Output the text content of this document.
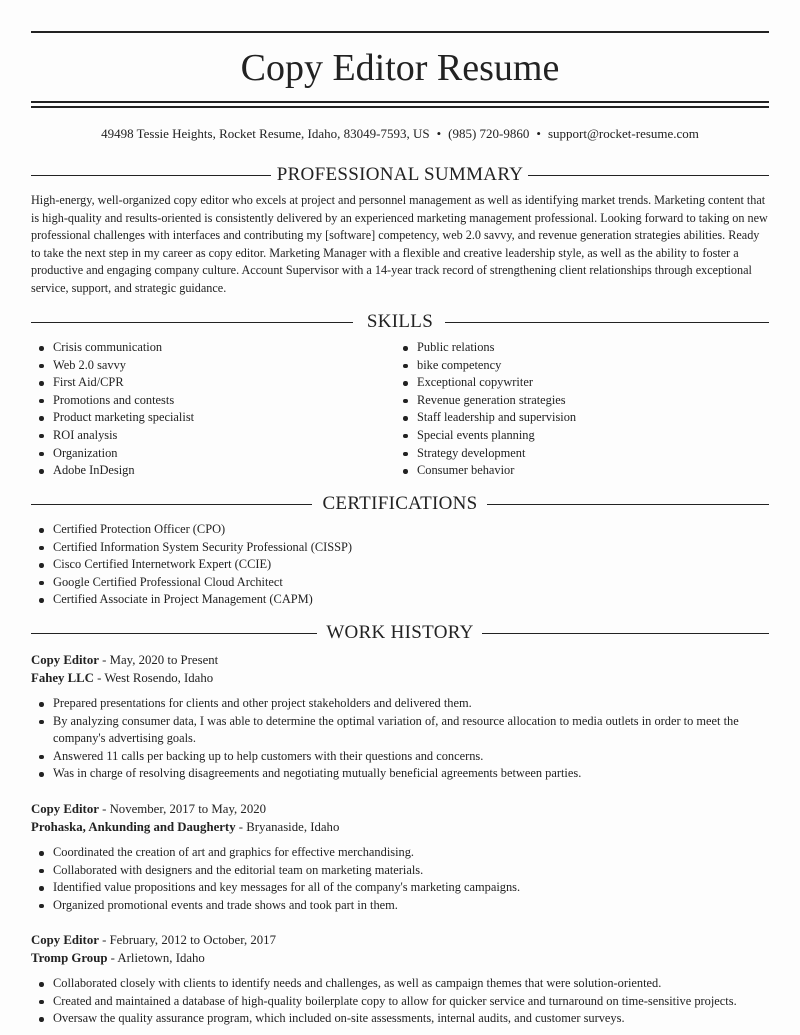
Copy Editor Resume
49498 Tessie Heights, Rocket Resume, Idaho, 83049-7593, US • (985) 720-9860 • support@rocket-resume.com
PROFESSIONAL SUMMARY
High-energy, well-organized copy editor who excels at project and personnel management as well as identifying market trends. Marketing content that is high-quality and results-oriented is consistently delivered by an experienced marketing management professional. Looking forward to taking on new professional challenges with interfaces and contributing my [software] competency, web 2.0 savvy, and revenue generation strategies abilities. Ready to take the next step in my career as copy editor. Marketing Manager with a flexible and creative leadership style, as well as the ability to foster a productive and engaging company culture. Account Supervisor with a 14-year track record of strengthening client relationships through exceptional service, support, and strategic guidance.
SKILLS
Crisis communication
Web 2.0 savvy
First Aid/CPR
Promotions and contests
Product marketing specialist
ROI analysis
Organization
Adobe InDesign
Public relations
bike competency
Exceptional copywriter
Revenue generation strategies
Staff leadership and supervision
Special events planning
Strategy development
Consumer behavior
CERTIFICATIONS
Certified Protection Officer (CPO)
Certified Information System Security Professional (CISSP)
Cisco Certified Internetwork Expert (CCIE)
Google Certified Professional Cloud Architect
Certified Associate in Project Management (CAPM)
WORK HISTORY
Copy Editor - May, 2020 to Present
Fahey LLC - West Rosendo, Idaho
Prepared presentations for clients and other project stakeholders and delivered them.
By analyzing consumer data, I was able to determine the optimal variation of, and resource allocation to media outlets in order to meet the company's advertising goals.
Answered 11 calls per backing up to help customers with their questions and concerns.
Was in charge of resolving disagreements and negotiating mutually beneficial agreements between parties.
Copy Editor - November, 2017 to May, 2020
Prohaska, Ankunding and Daugherty - Bryanaside, Idaho
Coordinated the creation of art and graphics for effective merchandising.
Collaborated with designers and the editorial team on marketing materials.
Identified value propositions and key messages for all of the company's marketing campaigns.
Organized promotional events and trade shows and took part in them.
Copy Editor - February, 2012 to October, 2017
Tromp Group - Arlietown, Idaho
Collaborated closely with clients to identify needs and challenges, as well as campaign themes that were solution-oriented.
Created and maintained a database of high-quality boilerplate copy to allow for quicker service and turnaround on time-sensitive projects.
Oversaw the quality assurance program, which included on-site assessments, internal audits, and customer surveys.
